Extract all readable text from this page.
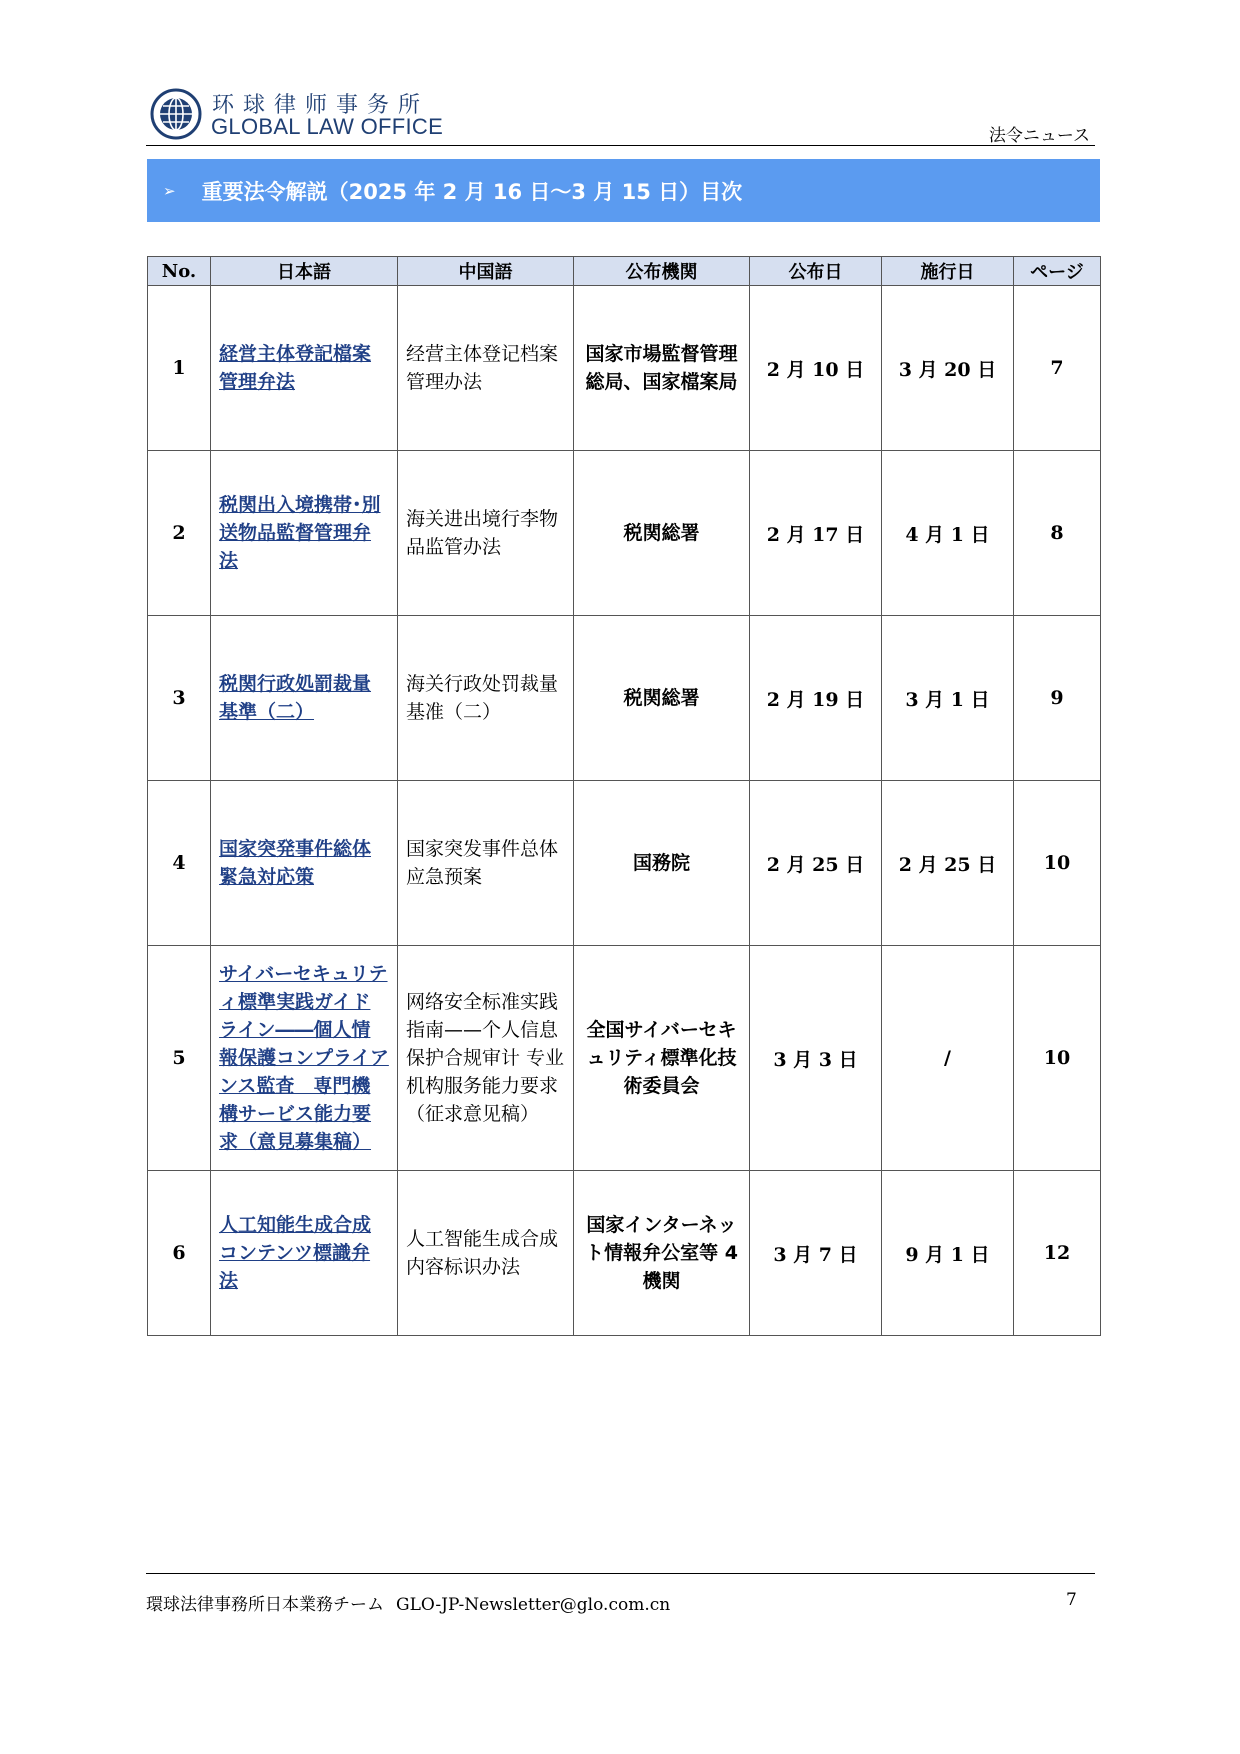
环球律师事务所
GLOBAL LAW OFFICE	法令ニュース
➢ 重要法令解説（2025 年 2 月 16 日〜3 月 15 日）目次
No.	日本語	中国語	公布機関	公布日	施行日	ページ
1	経営主体登記檔案管理弁法	经营主体登记档案管理办法	国家市場監督管理総局、国家檔案局	2 月 10 日	3 月 20 日	7
2	税関出入境携帯･別送物品監督管理弁法	海关进出境行李物品监管办法	税関総署	2 月 17 日	4 月 1 日	8
3	税関行政処罰裁量基準（二）	海关行政处罚裁量基准（二）	税関総署	2 月 19 日	3 月 1 日	9
4	国家突発事件総体緊急対応策	国家突发事件总体应急预案	国務院	2 月 25 日	2 月 25 日	10
5	サイバーセキュリティ標準実践ガイドライン――個人情報保護コンプライアンス監査　専門機構サービス能力要求（意見募集稿）	网络安全标准实践指南——个人信息保护合规审计 专业机构服务能力要求（征求意见稿）	全国サイバーセキュリティ標準化技術委員会	3 月 3 日	/	10
6	人工知能生成合成コンテンツ標識弁法	人工智能生成合成内容标识办法	国家インターネット情報弁公室等 4 機関	3 月 7 日	9 月 1 日	12
環球法律事務所日本業務チーム GLO-JP-Newsletter@glo.com.cn	7
